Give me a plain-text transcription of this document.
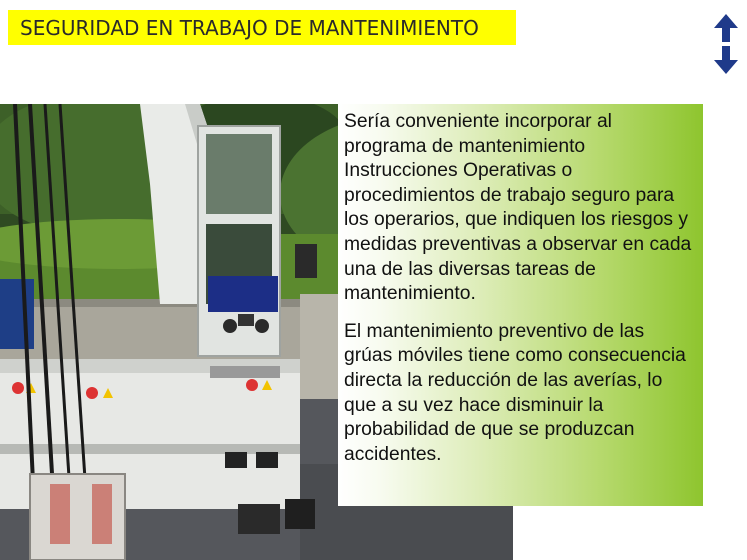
SEGURIDAD EN TRABAJO DE MANTENIMIENTO

Sería conveniente incorporar al programa de mantenimiento Instrucciones Operativas o procedimientos de trabajo seguro para los operarios, que indiquen los riesgos y medidas preventivas a observar en cada una de las diversas tareas de mantenimiento.

El mantenimiento preventivo de las grúas móviles tiene como consecuencia directa la reducción de las averías, lo que a su vez hace disminuir la probabilidad de que se produzcan accidentes.
